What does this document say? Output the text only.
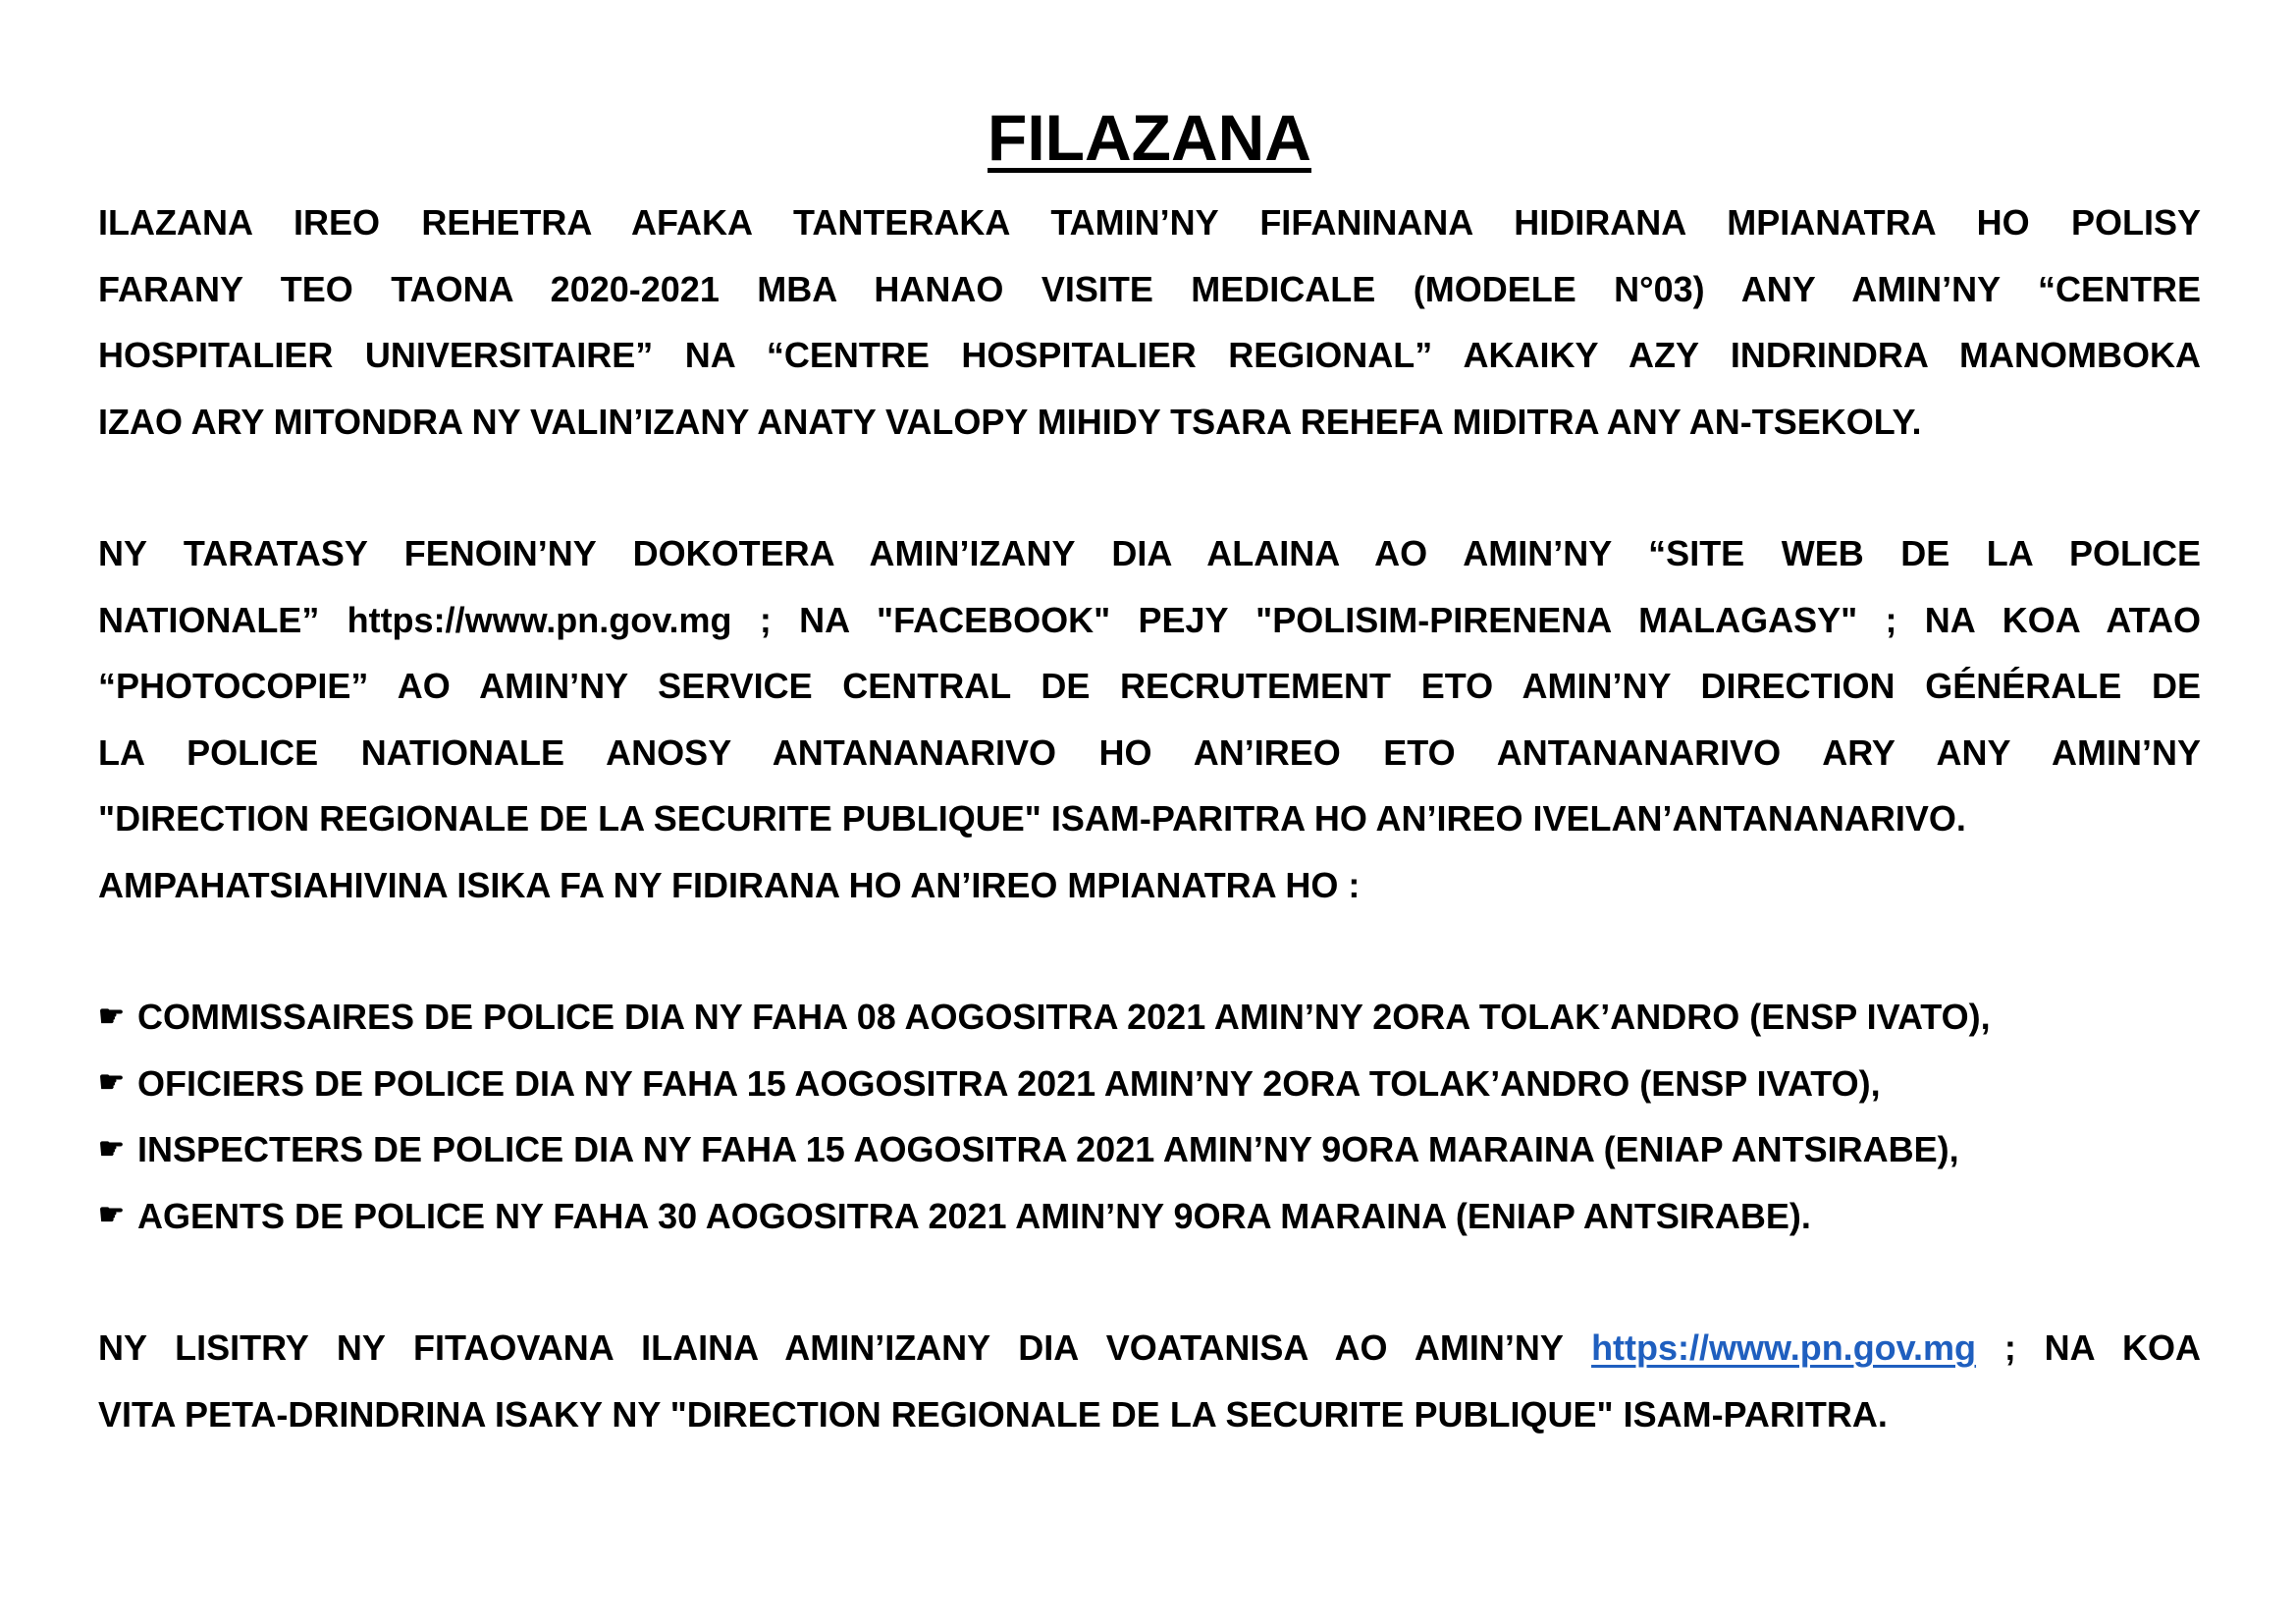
FILAZANA
ILAZANA IREO REHETRA AFAKA TANTERAKA TAMIN’NY FIFANINANA HIDIRANA MPIANATRA HO POLISY
FARANY TEO TAONA 2020-2021 MBA HANAO VISITE MEDICALE (MODELE N°03) ANY AMIN’NY “CENTRE
HOSPITALIER UNIVERSITAIRE” NA “CENTRE HOSPITALIER REGIONAL” AKAIKY AZY INDRINDRA MANOMBOKA
IZAO ARY MITONDRA NY VALIN’IZANY ANATY VALOPY MIHIDY TSARA REHEFA MIDITRA ANY AN-TSEKOLY.
NY TARATASY FENOIN’NY DOKOTERA AMIN’IZANY DIA ALAINA AO AMIN’NY “SITE WEB DE LA POLICE
NATIONALE” https://www.pn.gov.mg ; NA "FACEBOOK" PEJY "POLISIM-PIRENENA MALAGASY" ; NA KOA ATAO
“PHOTOCOPIE” AO AMIN’NY SERVICE CENTRAL DE RECRUTEMENT ETO AMIN’NY DIRECTION GÉNÉRALE DE
LA POLICE NATIONALE ANOSY ANTANANARIVO HO AN’IREO ETO ANTANANARIVO ARY ANY AMIN’NY
"DIRECTION REGIONALE DE LA SECURITE PUBLIQUE" ISAM-PARITRA HO AN’IREO IVELAN’ANTANANARIVO.
AMPAHATSIAHIVINA ISIKA FA NY FIDIRANA HO AN’IREO MPIANATRA HO :
☛ COMMISSAIRES DE POLICE DIA NY FAHA 08 AOGOSITRA 2021 AMIN’NY 2ORA TOLAK’ANDRO (ENSP IVATO),
☛ OFICIERS DE POLICE DIA NY FAHA 15 AOGOSITRA 2021 AMIN’NY 2ORA TOLAK’ANDRO (ENSP IVATO),
☛ INSPECTERS DE POLICE DIA NY FAHA 15 AOGOSITRA 2021 AMIN’NY 9ORA MARAINA (ENIAP ANTSIRABE),
☛ AGENTS DE POLICE NY FAHA 30 AOGOSITRA 2021 AMIN’NY 9ORA MARAINA (ENIAP ANTSIRABE).
NY LISITRY NY FITAOVANA ILAINA AMIN’IZANY DIA VOATANISA AO AMIN’NY https://www.pn.gov.mg ; NA KOA
VITA PETA-DRINDRINA ISAKY NY "DIRECTION REGIONALE DE LA SECURITE PUBLIQUE" ISAM-PARITRA.
